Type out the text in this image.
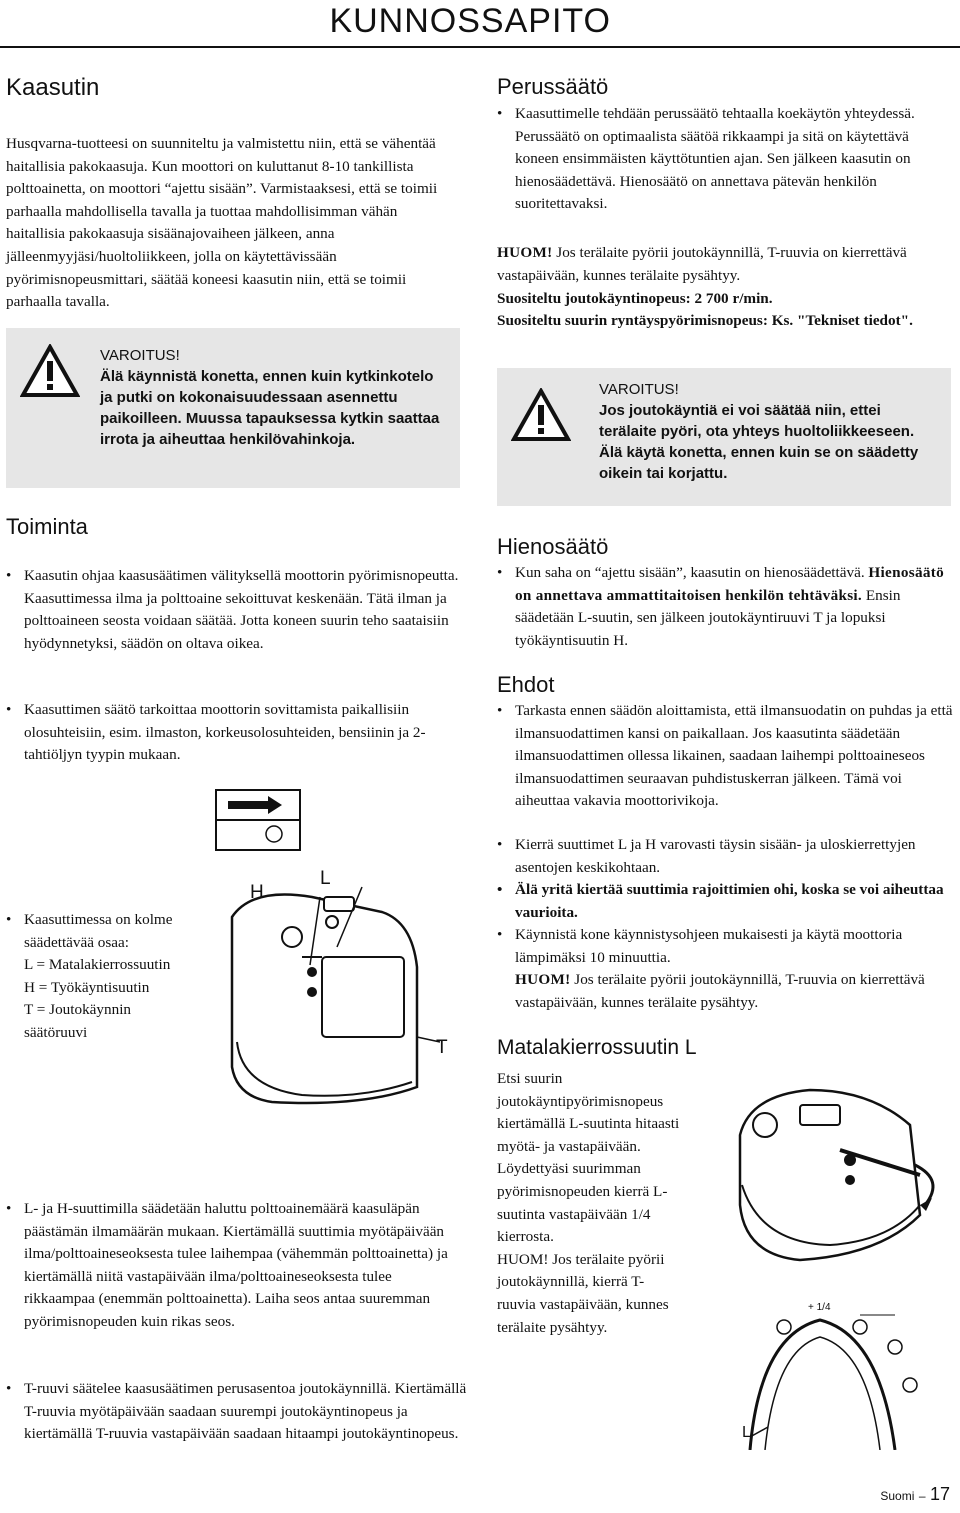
KUNNOSSAPITO
Kaasutin
Husqvarna-tuotteesi on suunniteltu ja valmistettu niin, että se vähentää haitallisia pakokaasuja. Kun moottori on kuluttanut 8-10 tankillista polttoainetta, on moottori “ajettu sisään”. Varmistaaksesi, että se toimii parhaalla mahdollisella tavalla ja tuottaa mahdollisimman vähän haitallisia pakokaasuja sisäänajovaiheen jälkeen, anna jälleenmyyjäsi/huoltoliikkeen, jolla on käytettävissään pyörimisnopeusmittari, säätää koneesi kaasutin niin, että se toimii parhaalla tavalla.
VAROITUS!
Älä käynnistä konetta, ennen kuin kytkinkotelo ja putki on kokonaisuudessaan asennettu paikoilleen. Muussa tapauksessa kytkin saattaa irrota ja aiheuttaa henkilövahinkoja.
Toiminta
• Kaasutin ohjaa kaasusäätimen välityksellä moottorin pyörimisnopeutta. Kaasuttimessa ilma ja polttoaine sekoittuvat keskenään. Tätä ilman ja polttoaineen seosta voidaan säätää. Jotta koneen suurin teho saataisiin hyödynnetyksi, säädön on oltava oikea.
• Kaasuttimen säätö tarkoittaa moottorin sovittamista paikallisiin olosuhteisiin, esim. ilmaston, korkeusolosuhteiden, bensiinin ja 2-tahtiöljyn tyypin mukaan.
• Kaasuttimessa on kolme
säädettävää osaa:
L = Matalakierrossuutin
H = Työkäyntisuutin
T = Joutokäynnin
säätöruuvi
H
L
T
• L- ja H-suuttimilla säädetään haluttu polttoainemäärä kaasuläpän päästämän ilmamäärän mukaan. Kiertämällä suuttimia myötäpäivään ilma/polttoaineseoksesta tulee laihempaa (vähemmän polttoainetta) ja kiertämällä niitä vastapäivään ilma/polttoaineseoksesta tulee rikkaampaa (enemmän polttoainetta). Laiha seos antaa suuremman pyörimisnopeuden kuin rikas seos.
• T-ruuvi säätelee kaasusäätimen perusasentoa joutokäynnillä. Kiertämällä T-ruuvia myötäpäivään saadaan suurempi joutokäyntinopeus ja kiertämällä T-ruuvia vastapäivään saadaan hitaampi joutokäyntinopeus.
Perussäätö
• Kaasuttimelle tehdään perussäätö tehtaalla koekäytön yhteydessä. Perussäätö on optimaalista säätöä rikkaampi ja sitä on käytettävä koneen ensimmäisten käyttötuntien ajan. Sen jälkeen kaasutin on hienosäädettävä. Hienosäätö on annettava pätevän henkilön suoritettavaksi.
HUOM! Jos terälaite pyörii joutokäynnillä, T-ruuvia on kierrettävä vastapäivään, kunnes terälaite pysähtyy.
Suositeltu joutokäyntinopeus: 2 700 r/min.
Suositeltu suurin ryntäyspyörimisnopeus: Ks. "Tekniset tiedot".
VAROITUS!
Jos joutokäyntiä ei voi säätää niin, ettei terälaite pyöri, ota yhteys huoltoliikkeeseen. Älä käytä konetta, ennen kuin se on säädetty oikein tai korjattu.
Hienosäätö
• Kun saha on “ajettu sisään”, kaasutin on hienosäädettävä. Hienosäätö on annettava ammattitaitoisen henkilön tehtäväksi. Ensin säädetään L-suutin, sen jälkeen joutokäyntiruuvi T ja lopuksi työkäyntisuutin H.
Ehdot
• Tarkasta ennen säädön aloittamista, että ilmansuodatin on puhdas ja että ilmansuodattimen kansi on paikallaan. Jos kaasutinta säädetään ilmansuodattimen ollessa likainen, saadaan laihempi polttoaineseos ilmansuodattimen seuraavan puhdistuskerran jälkeen. Tämä voi aiheuttaa vakavia moottorivikoja.
• Kierrä suuttimet L ja H varovasti täysin sisään- ja uloskierrettyjen asentojen keskikohtaan.
• Älä yritä kiertää suuttimia rajoittimien ohi, koska se voi aiheuttaa vaurioita.
• Käynnistä kone käynnistysohjeen mukaisesti ja käytä moottoria lämpimäksi 10 minuuttia.
HUOM! Jos terälaite pyörii joutokäynnillä, T-ruuvia on kierrettävä vastapäivään, kunnes terälaite pysähtyy.
Matalakierrossuutin L
Etsi suurin
joutokäyntipyörimisnopeus
kiertämällä L-suutinta hitaasti
myötä- ja vastapäivään.
Löydettyäsi suurimman
pyörimisnopeuden kierrä L-
suutinta vastapäivään 1/4
kierrosta.
HUOM! Jos terälaite pyörii
joutokäynnillä, kierrä T-
ruuvia vastapäivään, kunnes
terälaite pysähtyy.
+ 1/4
L
Suomi – 17
